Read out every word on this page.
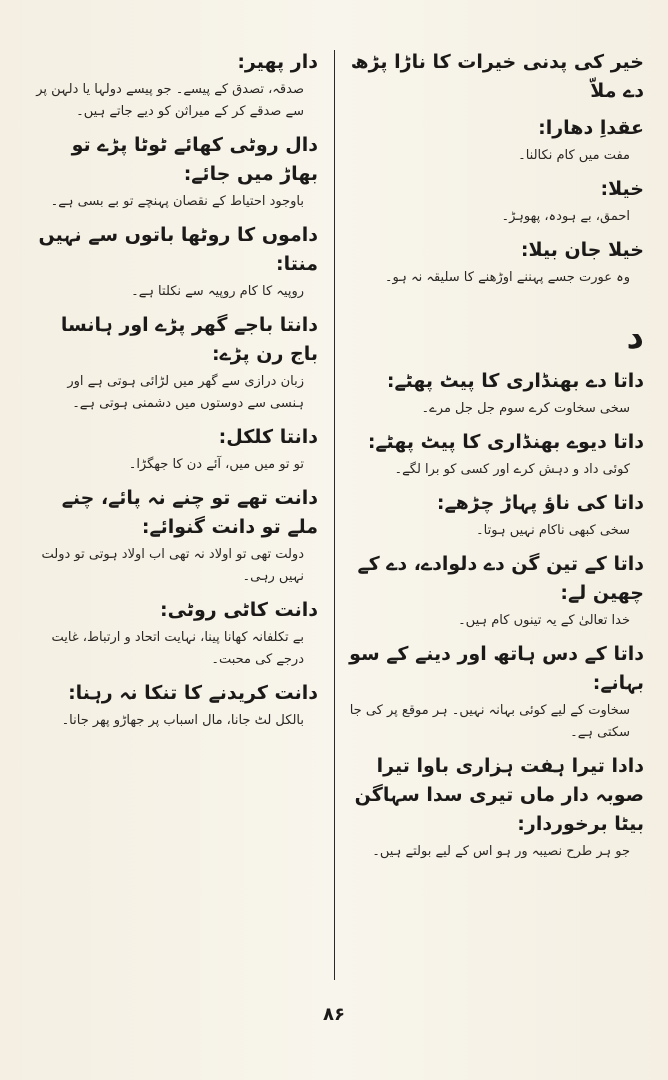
خیر کی پدنی خیرات کا ناڑا پڑھ دے ملاّ

عقداِ دھارا:

مفت میں کام نکالنا۔

خیلا:

احمق، بے ہودہ، پھوہڑ۔

خیلا جان بیلا:

وہ عورت جسے پہننے اوڑھنے کا سلیقہ نہ ہو۔

د

داتا دے بھنڈاری کا پیٹ پھٹے:

سخی سخاوت کرے سوم جل جل مرے۔

داتا دیوے بھنڈاری کا پیٹ پھٹے:

کوئی داد و دہش کرے اور کسی کو برا لگے۔

داتا کی ناؤ پہاڑ چڑھے:

سخی کبھی ناکام نہیں ہوتا۔

داتا کے تین گن دے دلوادے، دے کے چھین لے:

خدا تعالیٰ کے یہ تینوں کام ہیں۔

داتا کے دس ہاتھ اور دینے کے سو بہانے:

سخاوت کے لیے کوئی بہانہ نہیں۔ ہر موقع پر کی جا سکتی ہے۔

دادا تیرا ہفت ہزاری باوا تیرا صوبہ دار ماں تیری سدا سہاگن بیٹا برخوردار:

جو ہر طرح نصیبہ ور ہو اس کے لیے بولتے ہیں۔

دار پھیر:

صدقہ، تصدق کے پیسے۔ جو پیسے دولہا یا دلہن پر سے صدقے کر کے میراثن کو دیے جاتے ہیں۔

دال روٹی کھائے ٹوٹا پڑے تو بھاڑ میں جائے:

باوجود احتیاط کے نقصان پہنچے تو بے بسی ہے۔

داموں کا روٹھا باتوں سے نہیں منتا:

روپیہ کا کام روپیہ سے نکلتا ہے۔

دانتا باجے گھر پڑے اور ہانسا باج رن پڑے:

زبان درازی سے گھر میں لڑائی ہوتی ہے اور ہنسی سے دوستوں میں دشمنی ہوتی ہے۔

دانتا کلکل:

تو تو میں میں، آئے دن کا جھگڑا۔

دانت تھے تو چنے نہ پائے، چنے ملے تو دانت گنوائے:

دولت تھی تو اولاد نہ تھی اب اولاد ہوتی تو دولت نہیں رہی۔

دانت کاٹی روٹی:

بے تکلفانہ کھانا پینا، نہایت اتحاد و ارتباط، غایت درجے کی محبت۔

دانت کریدنے کا تنکا نہ رہنا:

بالکل لٹ جانا، مال اسباب پر جھاڑو پھر جانا۔

۸۶
